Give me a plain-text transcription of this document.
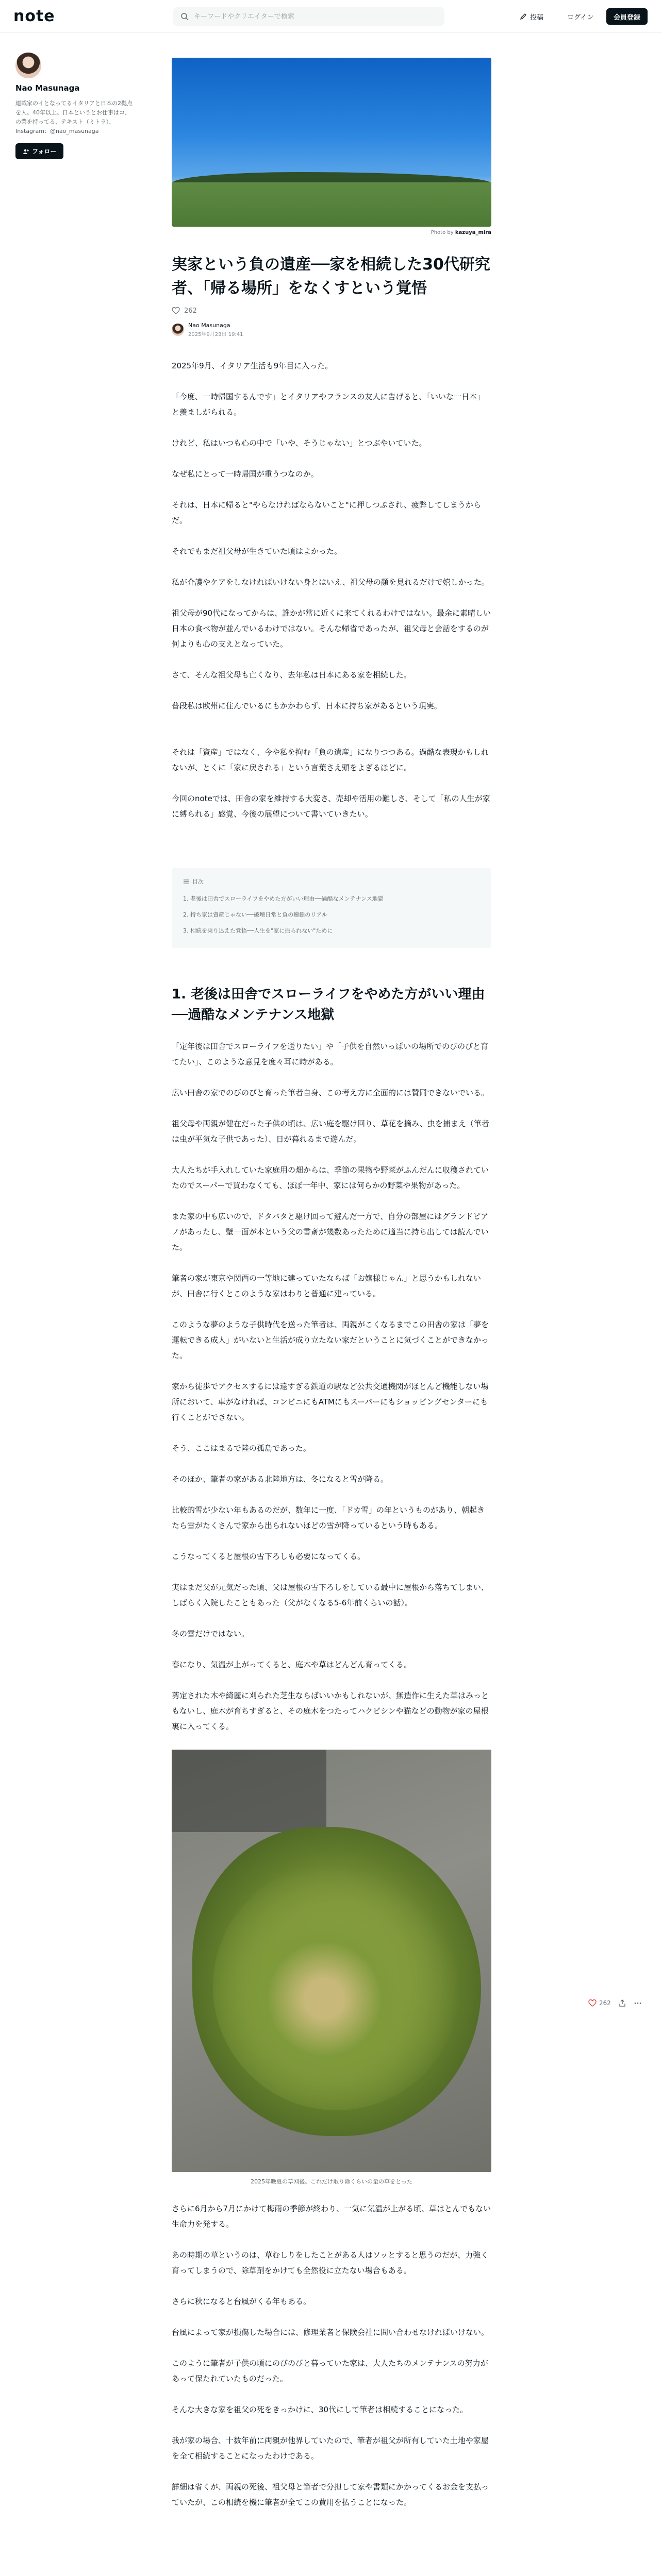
note
キーワードやクリエイターで検索	投稿	ログイン	会員登録
Nao Masunaga
連載家のイとなってるイタリアと日本の2拠点を人。40年以上。日本というとお仕事はコ、の業を持ってる、テキスト（ミトラ）、Instagram：@nao_masunaga
フォロー
Photo by kazuya_mira
実家という負の遺産──家を相続した30代研究者、「帰る場所」をなくすという覚悟
262
Nao Masunaga
2025年9月23日 19:41

2025年9月、イタリア生活も9年目に入った。

「今度、一時帰国するんです」とイタリアやフランスの友人に告げると、「いいな一日本」と羨ましがられる。

けれど、私はいつも心の中で「いや、そうじゃない」とつぶやいていた。

なぜ私にとって一時帰国が重うつなのか。

それは、日本に帰ると"やらなければならないこと"に押しつぶされ、疲弊してしまうからだ。

それでもまだ祖父母が生きていた頃はよかった。

私が介護やケアをしなければいけない身とはいえ、祖父母の顔を見れるだけで嬉しかった。

祖父母が90代になってからは、誰かが常に近くに来てくれるわけではない。最余に素晴しい日本の食べ物が並んでいるわけではない。そんな帰省であったが、祖父母と会話をするのが何よりも心の支えとなっていた。

さて、そんな祖父母も亡くなり、去年私は日本にある家を相続した。

普段私は欧州に住んでいるにもかかわらず、日本に持ち家があるという現実。

それは「資産」ではなく、今や私を拘む「負の遺産」になりつつある。過酷な表現かもしれないが、とくに「家に戻される」という言葉さえ頭をよぎるほどに。

今回のnoteでは、田舎の家を維持する大変さ、売却や活用の難しさ、そして「私の人生が家に縛られる」感覚、今後の展望について書いていきたい。

目次
1. 老後は田舎でスローライフをやめた方がいい理由──過酷なメンテナンス地獄
2. 持ち家は資産じゃない──破壊日常と負の連鎖のリアル
3. 相続を乗り込えた覚悟──人生を"家に振られない"ために
1. 老後は田舎でスローライフをやめた方がいい理由──過酷なメンテナンス地獄

「定年後は田舎でスローライフを送りたい」や「子供を自然いっぱいの場所でのびのびと育てたい」、このような意見を度々耳に時がある。

広い田舎の家でのびのびと育った筆者自身、この考え方に全面的には賛同できないでいる。

祖父母や両親が健在だった子供の頃は、広い庭を駆け回り、草花を摘み、虫を捕まえ（筆者は虫が平気な子供であった）、日が暮れるまで遊んだ。

大人たちが手入れしていた家庭用の畑からは、季節の果物や野菜がふんだんに収穫されていたのでスーパーで買わなくても、ほぼ一年中、家には何らかの野菜や果物があった。

また家の中も広いので、ドタバタと駆け回って遊んだ一方で、自分の部屋にはグランドピアノがあったし、壁一面が本という父の書斎が幾数あったために適当に持ち出しては読んでいた。

筆者の家が東京や関西の一等地に建っていたならば「お嬢様じゃん」と思うかもしれないが、田舎に行くとこのような家はわりと普通に建っている。

このような夢のような子供時代を送った筆者は、両親がこくなるまでこの田舎の家は「夢を運転できる成人」がいないと生活が成り立たない家だということに気づくことができなかった。

家から徒歩でアクセスするには遠すぎる鉄道の駅など公共交通機関がほとんど機能しない場所において、車がなければ、コンビニにもATMにもスーパーにもショッピングセンターにも行くことができない。

そう、ここはまるで陸の孤島であった。

そのほか、筆者の家がある北陸地方は、冬になると雪が降る。

比較的雪が少ない年もあるのだが、数年に一度、「ドカ雪」の年というものがあり、朝起きたら雪がたくさんで家から出られないほどの雪が降っているという時もある。

こうなってくると屋根の雪下ろしも必要になってくる。

実はまだ父が元気だった頃、父は屋根の雪下ろしをしている最中に屋根から落ちてしまい、しばらく入院したこともあった（父がなくなる5-6年前くらいの話）。

冬の雪だけではない。

春になり、気温が上がってくると、庭木や草はどんどん育ってくる。

剪定された木や綺麗に刈られた芝生ならばいいかもしれないが、無造作に生えた草はみっともないし、庭木が育ちすぎると、その庭木をつたってハクビシンや猫などの動物が家の屋根裏に入ってくる。

2025年晩夏の草刈後。これだけ取り除くらいの量の草をとった

さらに6月から7月にかけて梅雨の季節が終わり、一気に気温が上がる頃、草はとんでもない生命力を発する。

あの時期の草というのは、草むしりをしたことがある人はソッとすると思うのだが、力強く育ってしまうので、除草剤をかけても全然役に立たない場合もある。

さらに秋になると台風がくる年もある。

台風によって家が損傷した場合には、修理業者と保険会社に問い合わせなければいけない。

このように筆者が子供の頃にのびのびと暮っていた家は、大人たちのメンテナンスの努力があって保たれていたものだった。

そんな大きな家を祖父の死をきっかけに、30代にして筆者は相続することになった。

我が家の場合、十数年前に両親が他界していたので、筆者が祖父が所有していた土地や家屋を全て相続することになったわけである。

詳細は省くが、両親の死後、祖父母と筆者で分担して家や書類にかかってくるお金を支払っていたが、この相続を機に筆者が全てこの費用を払うことになった。

262
